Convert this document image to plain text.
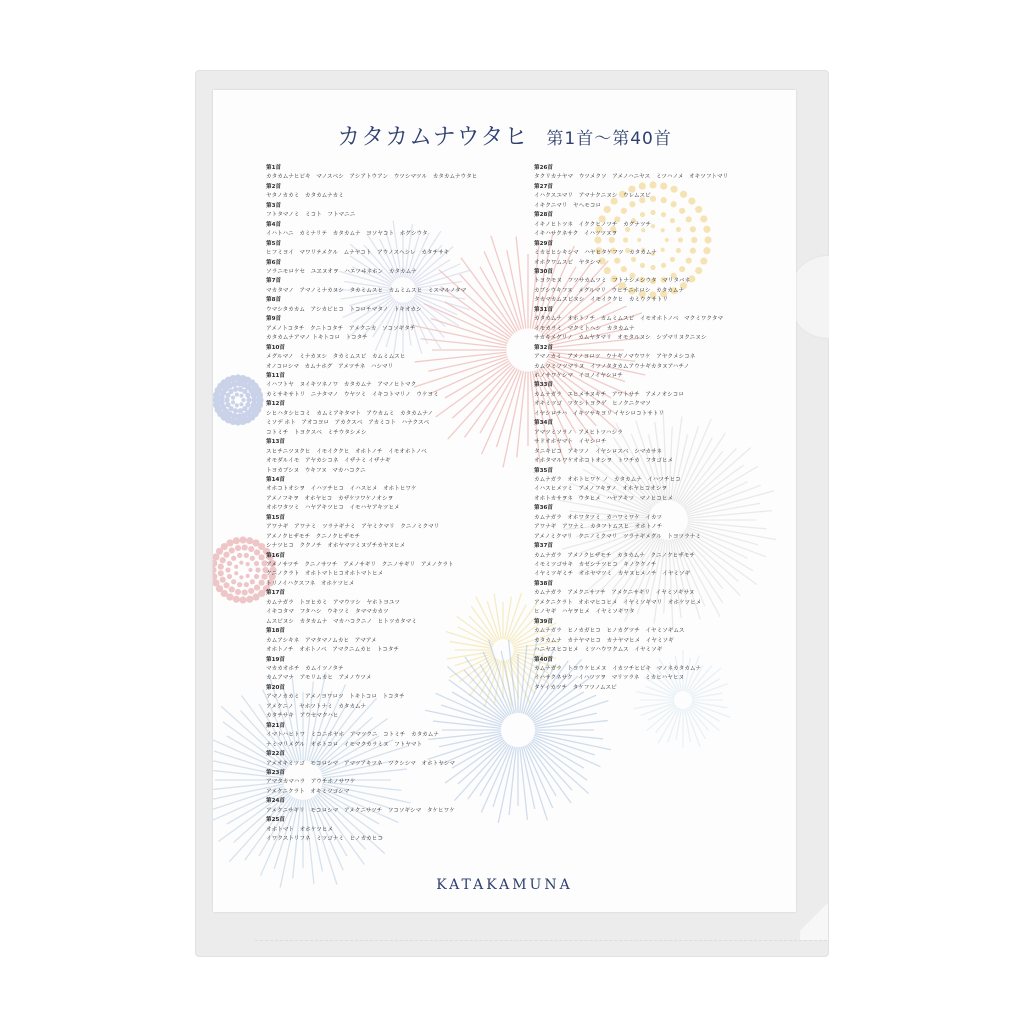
カタカムナウタヒ 第1首〜第40首
第1首
カタカムナヒビキ　マノスベシ　アシアトウアン　ウツシマツル　カタカムナウタヒ
第2首
ヤタノカカミ　カタカムナカミ
第3首
フトタマノミ　ミコト　フトマニニ
第4首
イハトハニ　カミナリテ　カタカムナ　ヨソヤコト　ホグシウタ
第5首
ヒフミヨイ　マワリテメクル　ムナヤコト　アウノスヘシレ　カタチサキ
第6首
ソラニモロケセ　ユヱヌオヲ　ハエツヰネホン　カタカムナ
第7首
マカタマノ　アマノミナカヌシ　タカミムスヒ　カムミムスヒ　ミスマルノタマ
第8首
ウマシタカカム　アシカビヒコ　トコロチマタノ　トキオカシ
第9首
アメノトコタチ　クニトコタチ　アメクニカ　ソコソギタチ
カタカムナアマノ トキトコロ　トコタチ
第10首
メグルマノ　ミナカヌシ　タカミムスビ　カムミムスヒ
オノコロシマ　カムナホグ　アメツチネ　ハシマリ
第11首
イハフトヤ　ヌイキツネノワ　カタカムナ　アマノヒトマク
カミサキサトリ　ニナタマノ　ウヤツミ　イキコトマリノ　ウケヨミ
第12首
シヒハタシヒコミ　カムミアキタマト　アウカムミ　カタカムナノ
ミソデ ホト　アオコヨロ　アカクスベ　アカミコト　ハナクスベ
コトミチ　トヨクスベ　ミチウタシメシ
第13首
スヒチニツヌクヒ　イモイククヒ　オホトノチ　イモオホトノベ
オモダルイモ　アヤカシコネ　イザナミ イザナギ
トヨカブシヌ　ウキフヌ　マカハコクニ
第14首
オホコトオシヲ　イハツチヒコ　イハスヒメ　オホトヒワケ
アメノフキヲ　オホヤヒコ　カザケツワケノオシヲ
オホワタツミ　ハヤアキツヒコ　イモハヤアキツヒメ
第15首
アワナギ　アワナミ　ツラナギナミ　アヤミクマリ　クニノミクマリ
アメノクヒザモチ　クニノクヒザモチ
シナツヒコ　ククノチ　オホヤマツミヌヅチカヤヌヒメ
第16首
アメノサツチ　クニノサツチ　アメノサギリ　クニノサギリ　アメノクラト
クニノクラト　オホトマトヒコオホトマトヒメ
トリノイハクスフネ　オホケツヒメ
第17首
カムナガラ　トヨヒカミ　アマウツシ　ヤホトヨユツ
イキコタマ　フタハシ　ウキツミ　タママカカツ
ムスビヌシ　カタカムナ　マカハコクニノ　ヒトツカタマミ
第18首
カムアシキネ　アマタマノムカヒ　アマアメ
オホトノチ　オホトノベ　アマクニムカヒ　トコタチ
第19首
マカカオホチ　カムイツノタテ
カムアマナ　アモリムカヒ　アメノウツメ
第20首
アマノカカミ　アメノヨワロツ　トキトコロ　トコタチ
アメクニノ　ヤホツトナミ　カタカムナ
カタチサキ　アウセマクハヒ
第21首
イマトハヒトワ　ミコニホヤホ　アマツクニ　コトミチ　カタカムナ
ナミマリメグル　オホトコロ　イモマクカラミヌ　フトヤマト
第22首
アメオキミツゴ　モコロシマ　アマツアキツネ　ツクシシマ　オホトヤシマ
第23首
アマタカマハラ　アウチホノサワケ
アメクニクラト　オキミツゴシマ
第24首
アメクニサギリ　モコロシマ　アメクニサツチ　ソコソギシマ　タケヒワケ
第25首
オホトマト　オホケツヒメ
イワクストリフネ　ミツゴナミ　ヒノカカヒコ
第26首
タクリカナヤマ　ウツメクソ　アメノハニヤス　ミツハノメ　オキツフトマリ
第27首
イハクスユマリ　アマナクニヌシ　ウレムスビ
イキクニマリ　ヤヘモコロ
第28首
イキノヒトツネ　イククヒノツチ　カグナツチ
イキハサクネサク　イハツツヌヲ
第29首
ミカヒヒシキシマ　ハヤヒタケフツ　カタカムナ
オホクワムスビ　ヤタシマ
第30首
トヨクモヌ　フツサカムツミ　フトナシメシウタ　マリタバネ
カブシウキフヌ　メグルマリ　ウヒチニホロシ　カタカムナ
タカマカムスビヌシ　イモイククヒ　カミウクサトリ
第31首
カタカムナ　オホトノチ　カムミムスビ　イモオホトノベ　マクミワクタマ
イモカラミ　マクミトヘシ　カタカムナ
サカキメグリノ　カムヤタマリ　オモタルヌシ　シヅマリヌクニヌシ
第32首
アマノカミ　アメノヨロツ　ウナギノマウワケ　アヤクメシコネ
カムツミツツマリヌ　イツノタタカムアウナギカタヌアハチノ
ホノサワケシマ　イヨノイヤシロチ
第33首
カムナガラ　エヒメサヌキチ　アワトサチ　アメノオシコロ
オキミツゴ　ツクシトヨクゲ　ヒノクニクマソ
イヤシロチハ　イキツサキヨリ イヤシロコトサトリ
第34首
アマツミソラノ　アメヒトツハシラ
サドオホヤマト　イヤシロチ
タニキビコ　アキツノ　イヤシロスベ　シマカサネ
オホタマルワケオホコトオシヲ　トワチカ　フタゴヒメ
第35首
カムナガラ　オホトヒワケ ノ　カタカムナ　イハツチヒコ
イハスヒメツミ　アメノフキヲノ　オホヤヒコオシヲ
オホトカサヲネ　ウタヒメ　ハヤアキツ　マノヒコヒメ
第36首
カムナガラ　オホワタツミ　カハワミワケ　イカツ
アワナギ　アワナミ　カタフトムスヒ　オホトノチ
アメノミクマリ　クニノミクマリ　ツラナギメグル　トヨツラナミ
第37首
カムナガラ　アメノクヒザモチ　カタカムナ　クニノクヒザモチ
イモミツゴサキ　カゼシナツヒコ　キノククノチ
イヤミツギミチ　オホヤマツミ　カヤヌヒメノチ　イヤミソギ
第38首
カムナガラ　アメクニサツチ　アメクニサギリ　イヤミソギサヌ
アメクニクラト　オホマヒコヒメ　イヤミソギマリ　オホケツヒメ
ヒノヤギ　ハヤヲヒメ　イヤミソギワタ
第39首
カムナガラ　ヒノカガヒコ　ヒノカグツチ　イヤミソギムス
カタカムナ　カナヤマヒコ　カナヤマヒメ　イヤミソギ
ハニヤスヒコヒメ　ミツハウワクムス　イヤミソギ
第40首
カムナガラ　トヨウケヒメヌ　イカツチヒビキ　マノネカタカムナ
イハサクネサク　イハツツヲ　マリツラネ　ミカヒハヤヒヌ
タケイカツチ　タケフツノムスビ
KATAKAMUNA
